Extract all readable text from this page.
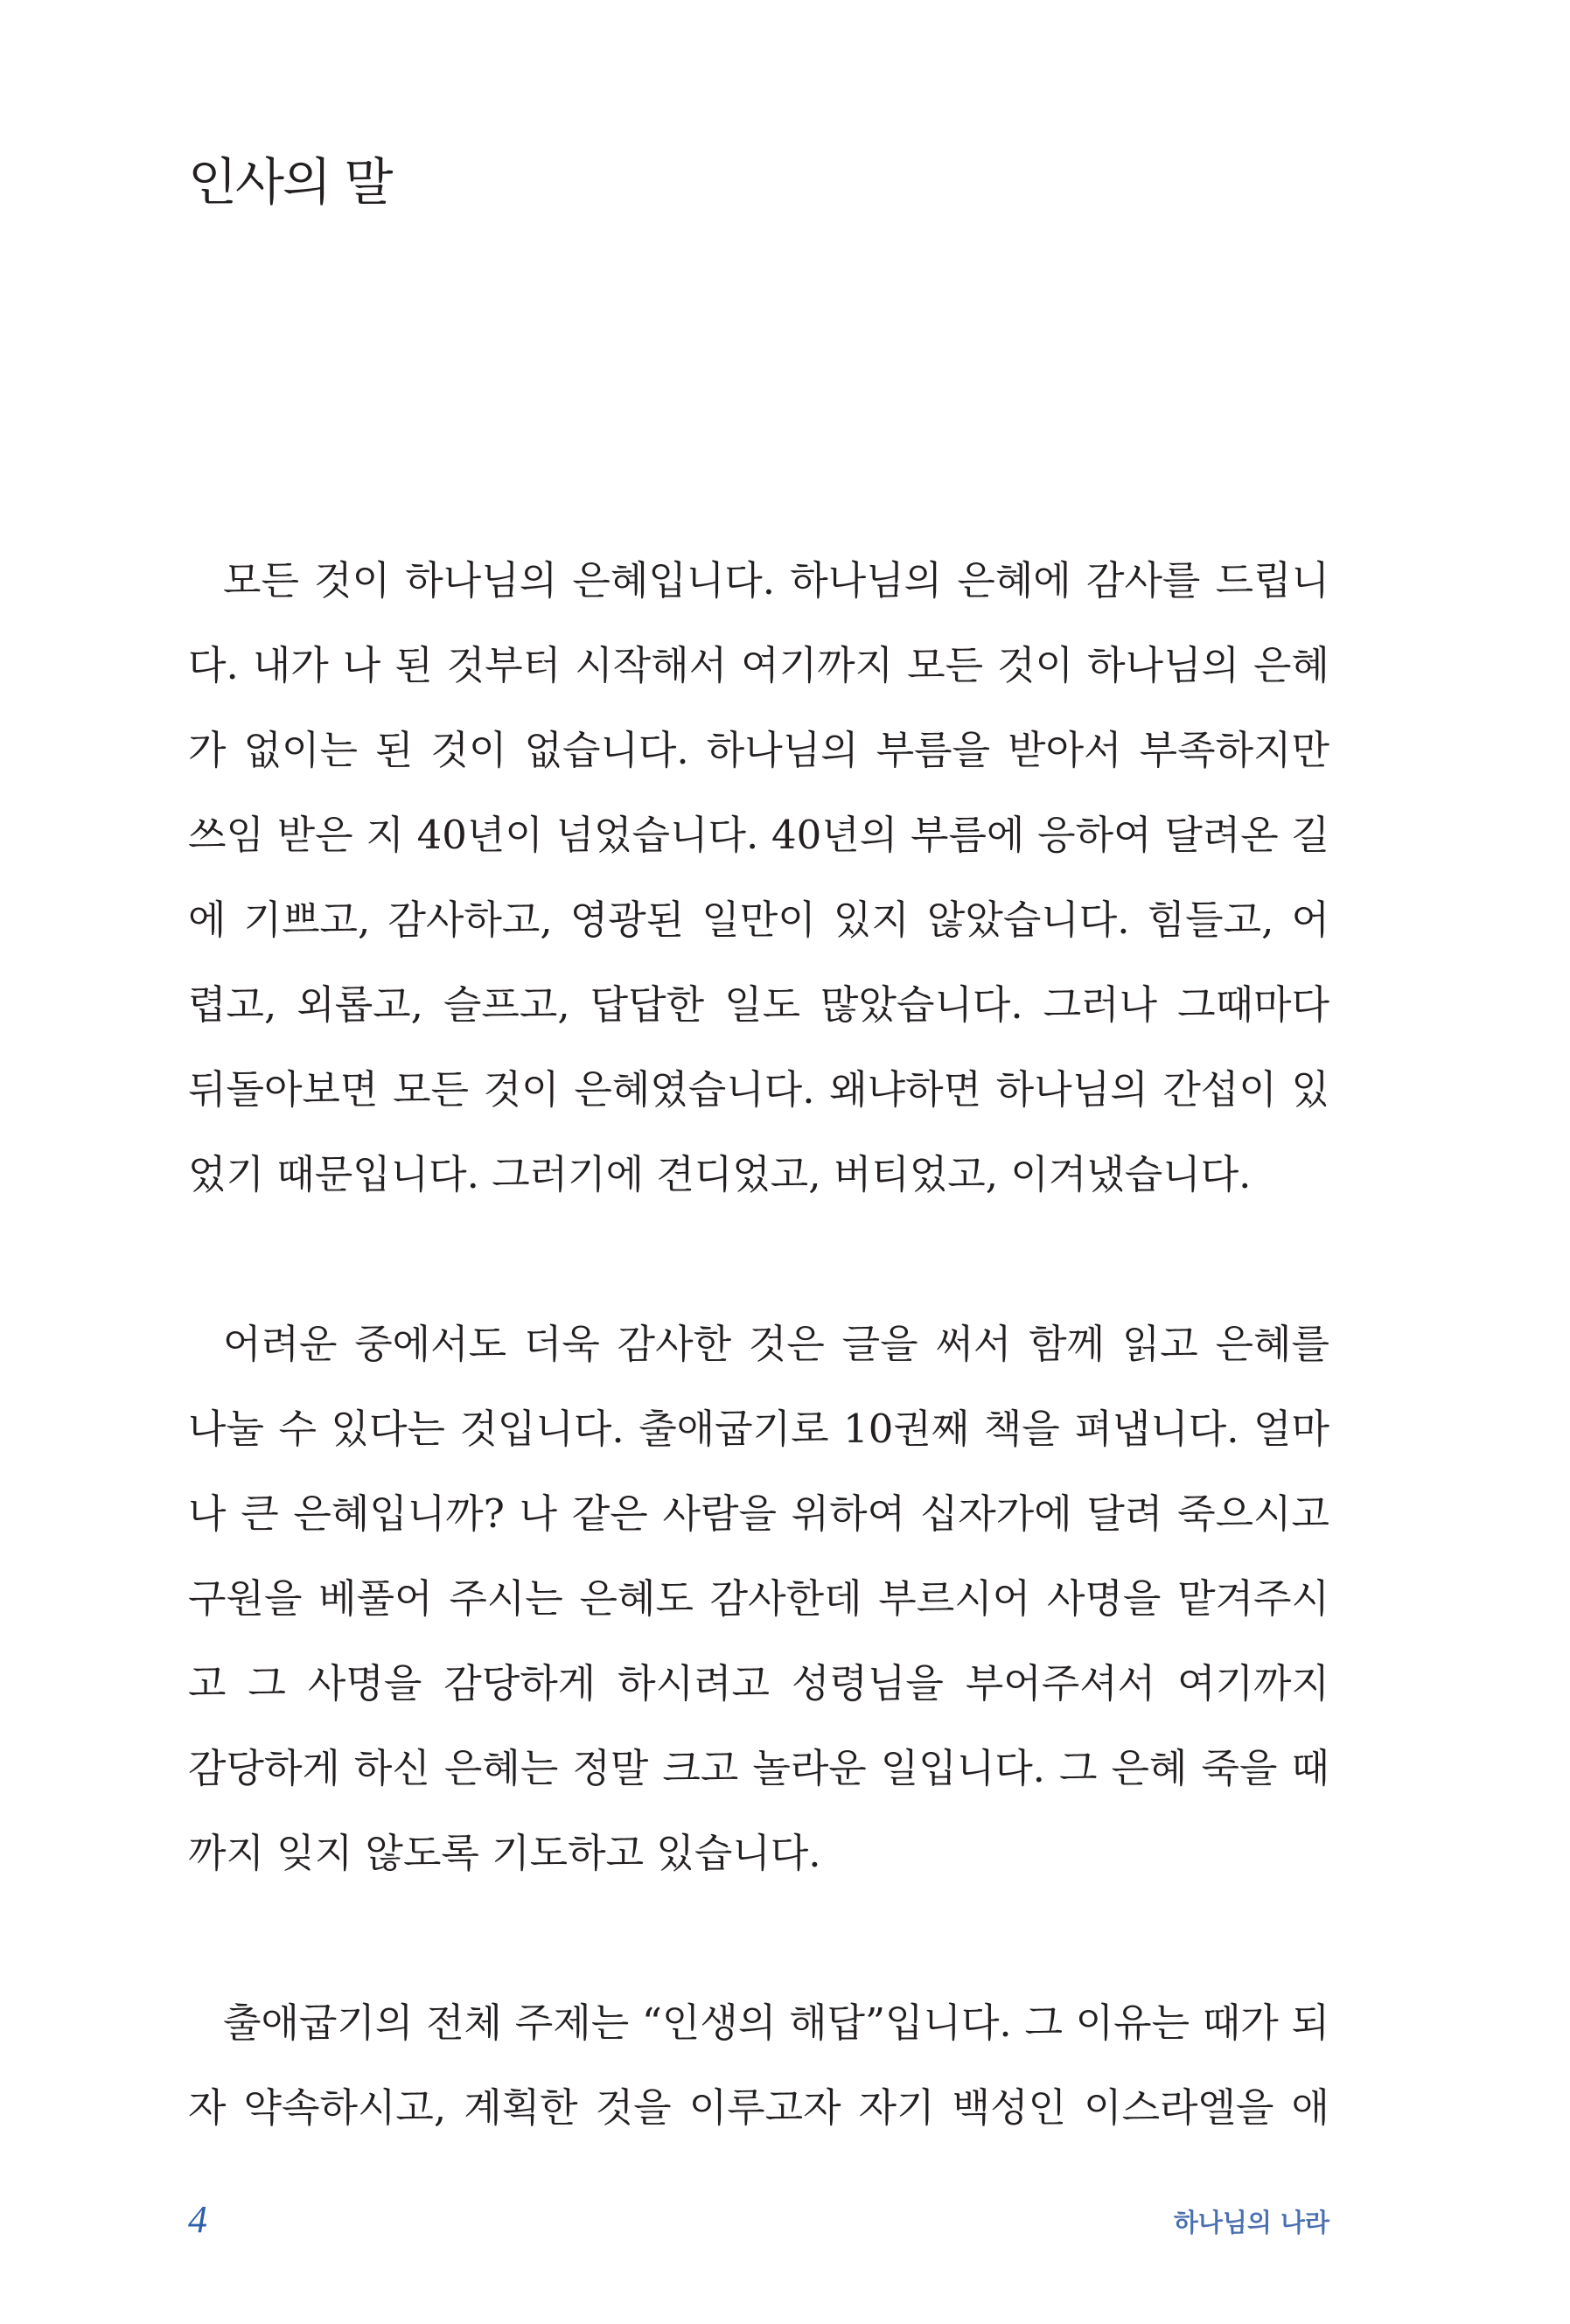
인사의 말
모든 것이 하나님의 은혜입니다. 하나님의 은혜에 감사를 드립니
다. 내가 나 된 것부터 시작해서 여기까지 모든 것이 하나님의 은혜
가 없이는 된 것이 없습니다. 하나님의 부름을 받아서 부족하지만
쓰임 받은 지 40년이 넘었습니다. 40년의 부름에 응하여 달려온 길
에 기쁘고, 감사하고, 영광된 일만이 있지 않았습니다. 힘들고, 어
렵고, 외롭고, 슬프고, 답답한 일도 많았습니다. 그러나 그때마다
뒤돌아보면 모든 것이 은혜였습니다. 왜냐하면 하나님의 간섭이 있
었기 때문입니다. 그러기에 견디었고, 버티었고, 이겨냈습니다.
어려운 중에서도 더욱 감사한 것은 글을 써서 함께 읽고 은혜를
나눌 수 있다는 것입니다. 출애굽기로 10권째 책을 펴냅니다. 얼마
나 큰 은혜입니까? 나 같은 사람을 위하여 십자가에 달려 죽으시고
구원을 베풀어 주시는 은혜도 감사한데 부르시어 사명을 맡겨주시
고 그 사명을 감당하게 하시려고 성령님을 부어주셔서 여기까지
감당하게 하신 은혜는 정말 크고 놀라운 일입니다. 그 은혜 죽을 때
까지 잊지 않도록 기도하고 있습니다.
출애굽기의 전체 주제는 “인생의 해답”입니다. 그 이유는 때가 되
자 약속하시고, 계획한 것을 이루고자 자기 백성인 이스라엘을 애
4	하나님의 나라
